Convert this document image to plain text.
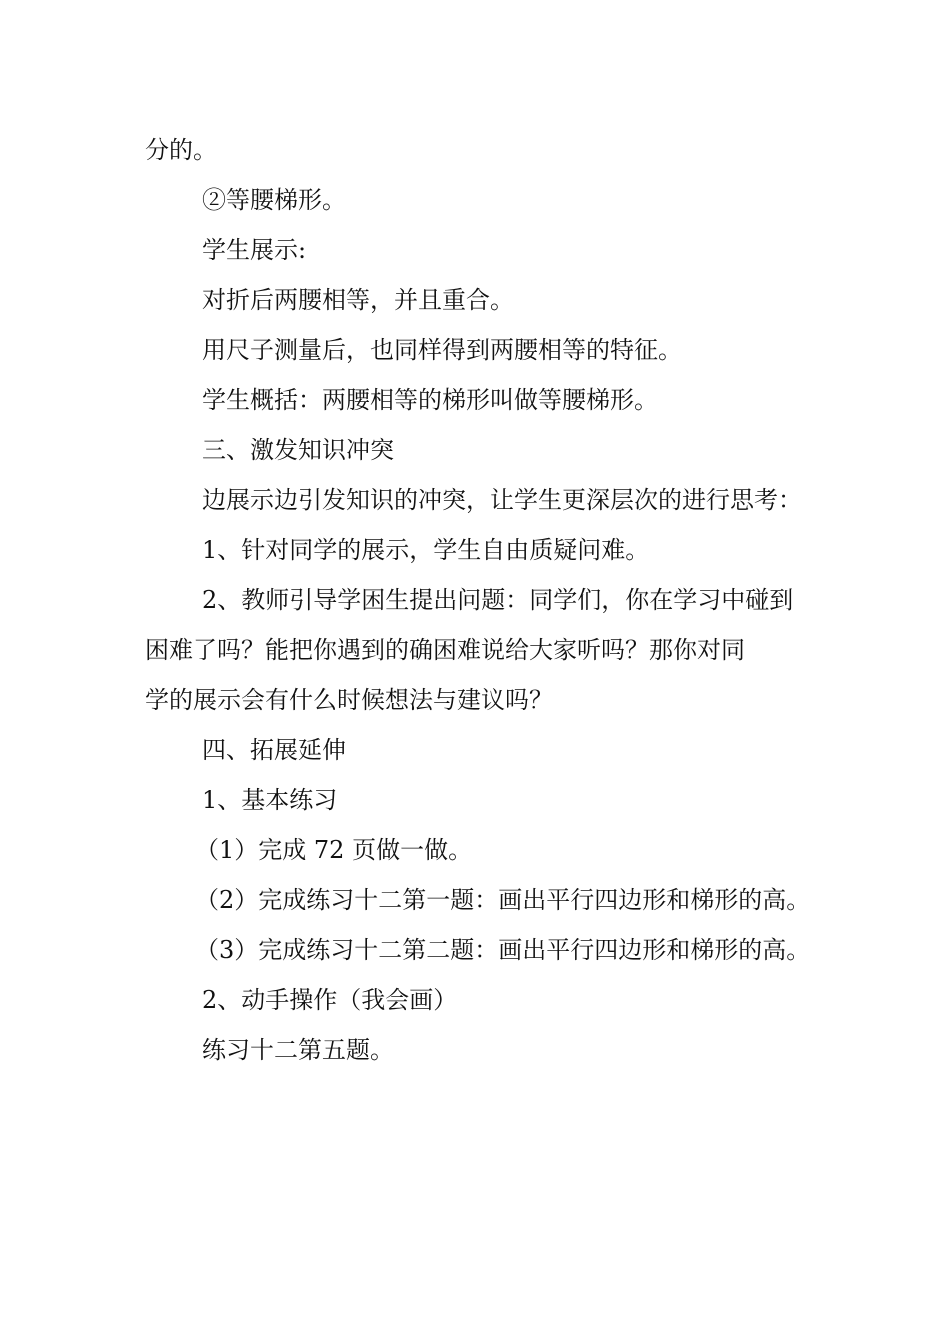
分的。
②等腰梯形。
学生展示:
对折后两腰相等，并且重合。
用尺子测量后，也同样得到两腰相等的特征。
学生概括：两腰相等的梯形叫做等腰梯形。
三、激发知识冲突
边展示边引发知识的冲突，让学生更深层次的进行思考：
1、针对同学的展示，学生自由质疑问难。
2、教师引导学困生提出问题：同学们，你在学习中碰到
困难了吗？能把你遇到的确困难说给大家听吗？那你对同
学的展示会有什么时候想法与建议吗？
四、拓展延伸
1、基本练习
（1）完成 72 页做一做。
（2）完成练习十二第一题：画出平行四边形和梯形的高。
（3）完成练习十二第二题：画出平行四边形和梯形的高。
2、动手操作（我会画）
练习十二第五题。
